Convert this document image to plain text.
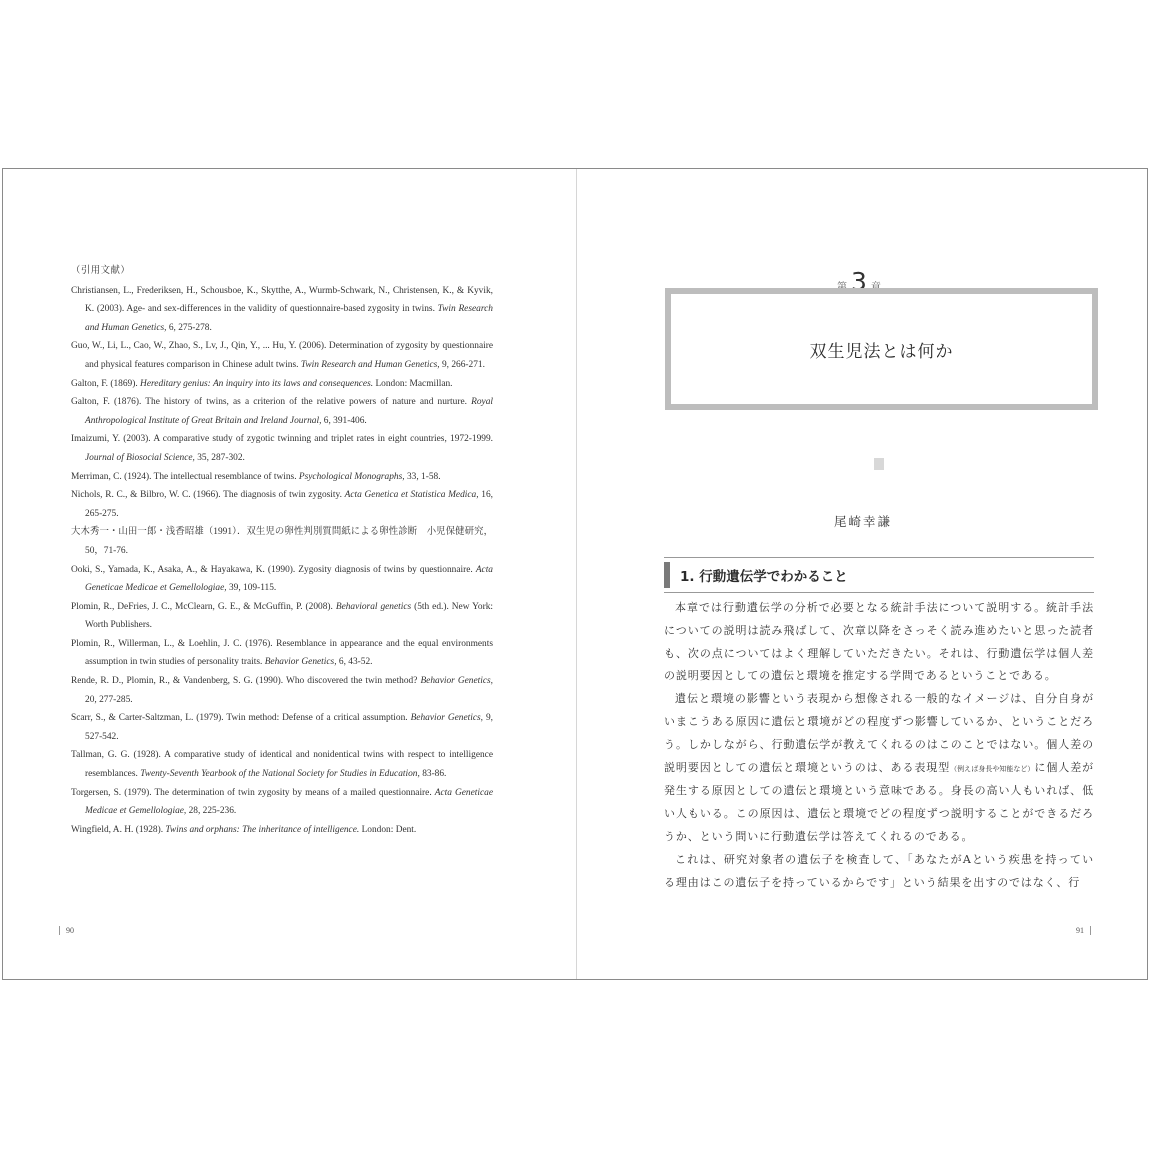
（引用文献）

Christiansen, L., Frederiksen, H., Schousboe, K., Skytthe, A., Wurmb-Schwark, N., Christensen, K., & Kyvik, K. (2003). Age- and sex-differences in the validity of questionnaire-based zygosity in twins. Twin Research and Human Genetics, 6, 275-278.

Guo, W., Li, L., Cao, W., Zhao, S., Lv, J., Qin, Y., ... Hu, Y. (2006). Determination of zygosity by questionnaire and physical features comparison in Chinese adult twins. Twin Research and Human Genetics, 9, 266-271.

Galton, F. (1869). Hereditary genius: An inquiry into its laws and consequences. London: Macmillan.

Galton, F. (1876). The history of twins, as a criterion of the relative powers of nature and nurture. Royal Anthropological Institute of Great Britain and Ireland Journal, 6, 391-406.

Imaizumi, Y. (2003). A comparative study of zygotic twinning and triplet rates in eight countries, 1972-1999. Journal of Biosocial Science, 35, 287-302.

Merriman, C. (1924). The intellectual resemblance of twins. Psychological Monographs, 33, 1-58.

Nichols, R. C., & Bilbro, W. C. (1966). The diagnosis of twin zygosity. Acta Genetica et Statistica Medica, 16, 265-275.

大木秀一・山田一郎・浅香昭雄（1991）．双生児の卵性判別質問紙による卵性診断　小児保健研究，50，71-76.

Ooki, S., Yamada, K., Asaka, A., & Hayakawa, K. (1990). Zygosity diagnosis of twins by questionnaire. Acta Geneticae Medicae et Gemellologiae, 39, 109-115.

Plomin, R., DeFries, J. C., McClearn, G. E., & McGuffin, P. (2008). Behavioral genetics (5th ed.). New York: Worth Publishers.

Plomin, R., Willerman, L., & Loehlin, J. C. (1976). Resemblance in appearance and the equal environments assumption in twin studies of personality traits. Behavior Genetics, 6, 43-52.

Rende, R. D., Plomin, R., & Vandenberg, S. G. (1990). Who discovered the twin method? Behavior Genetics, 20, 277-285.

Scarr, S., & Carter-Saltzman, L. (1979). Twin method: Defense of a critical assumption. Behavior Genetics, 9, 527-542.

Tallman, G. G. (1928). A comparative study of identical and nonidentical twins with respect to intelligence resemblances. Twenty-Seventh Yearbook of the National Society for Studies in Education, 83-86.

Torgersen, S. (1979). The determination of twin zygosity by means of a mailed questionnaire. Acta Geneticae Medicae et Gemellologiae, 28, 225-236.

Wingfield, A. H. (1928). Twins and orphans: The inheritance of intelligence. London: Dent.

90
第 3 章
双生児法とは何か
尾崎幸謙
1. 行動遺伝学でわかること

本章では行動遺伝学の分析で必要となる統計手法について説明する。統計手法についての説明は読み飛ばして、次章以降をさっそく読み進めたいと思った読者も、次の点についてはよく理解していただきたい。それは、行動遺伝学は個人差の説明要因としての遺伝と環境を推定する学問であるということである。

遺伝と環境の影響という表現から想像される一般的なイメージは、自分自身がいまこうある原因に遺伝と環境がどの程度ずつ影響しているか、ということだろう。しかしながら、行動遺伝学が教えてくれるのはこのことではない。個人差の説明要因としての遺伝と環境というのは、ある表現型（例えば身長や知能など）に個人差が発生する原因としての遺伝と環境という意味である。身長の高い人もいれば、低い人もいる。この原因は、遺伝と環境でどの程度ずつ説明することができるだろうか、という問いに行動遺伝学は答えてくれるのである。

これは、研究対象者の遺伝子を検査して、「あなたがAという疾患を持っている理由はこの遺伝子を持っているからです」という結果を出すのではなく、行

91
